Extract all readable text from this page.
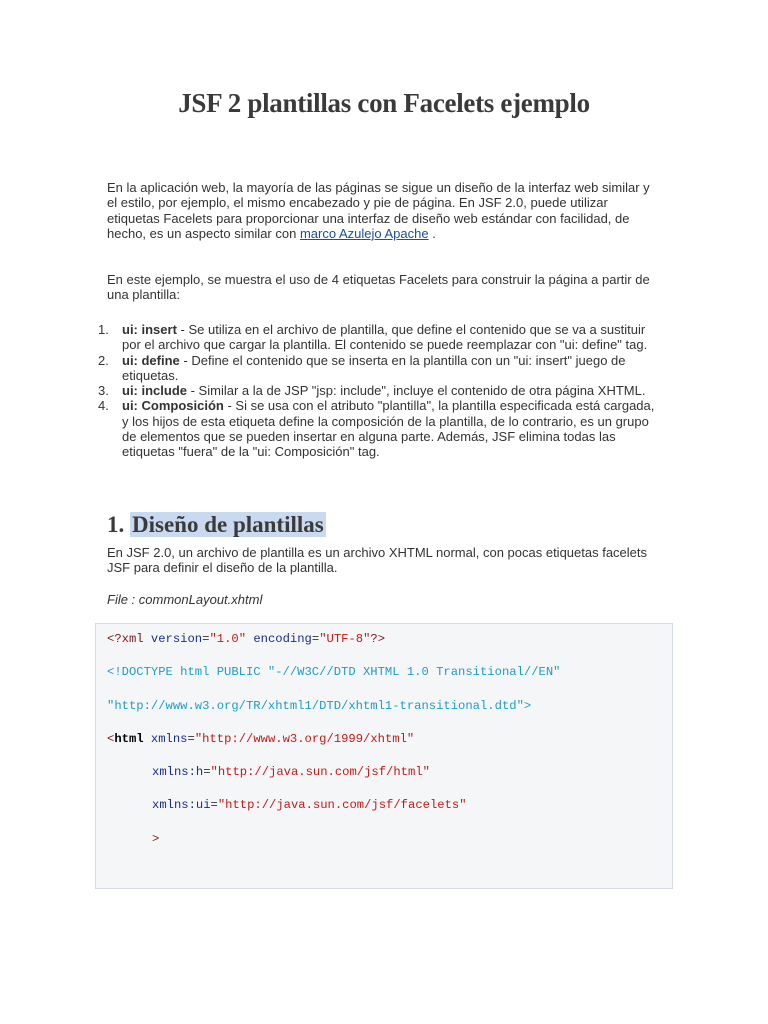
JSF 2 plantillas con Facelets ejemplo

En la aplicación web, la mayoría de las páginas se sigue un diseño de la interfaz web similar y el estilo, por ejemplo, el mismo encabezado y pie de página. En JSF 2.0, puede utilizar etiquetas Facelets para proporcionar una interfaz de diseño web estándar con facilidad, de hecho, es un aspecto similar con marco Azulejo Apache .

En este ejemplo, se muestra el uso de 4 etiquetas Facelets para construir la página a partir de una plantilla:

1. ui: insert - Se utiliza en el archivo de plantilla, que define el contenido que se va a sustituir por el archivo que cargar la plantilla. El contenido se puede reemplazar con "ui: define" tag.
2. ui: define - Define el contenido que se inserta en la plantilla con un "ui: insert" juego de etiquetas.
3. ui: include - Similar a la de JSP "jsp: include", incluye el contenido de otra página XHTML.
4. ui: Composición - Si se usa con el atributo "plantilla", la plantilla especificada está cargada, y los hijos de esta etiqueta define la composición de la plantilla, de lo contrario, es un grupo de elementos que se pueden insertar en alguna parte. Además, JSF elimina todas las etiquetas "fuera" de la "ui: Composición" tag.
1. Diseño de plantillas

En JSF 2.0, un archivo de plantilla es un archivo XHTML normal, con pocas etiquetas facelets JSF para definir el diseño de la plantilla.

File : commonLayout.xhtml
<?xml version="1.0" encoding="UTF-8"?>
<!DOCTYPE html PUBLIC "-//W3C//DTD XHTML 1.0 Transitional//EN"
"http://www.w3.org/TR/xhtml1/DTD/xhtml1-transitional.dtd">
<html xmlns="http://www.w3.org/1999/xhtml"
xmlns:h="http://java.sun.com/jsf/html"
xmlns:ui="http://java.sun.com/jsf/facelets"
>
